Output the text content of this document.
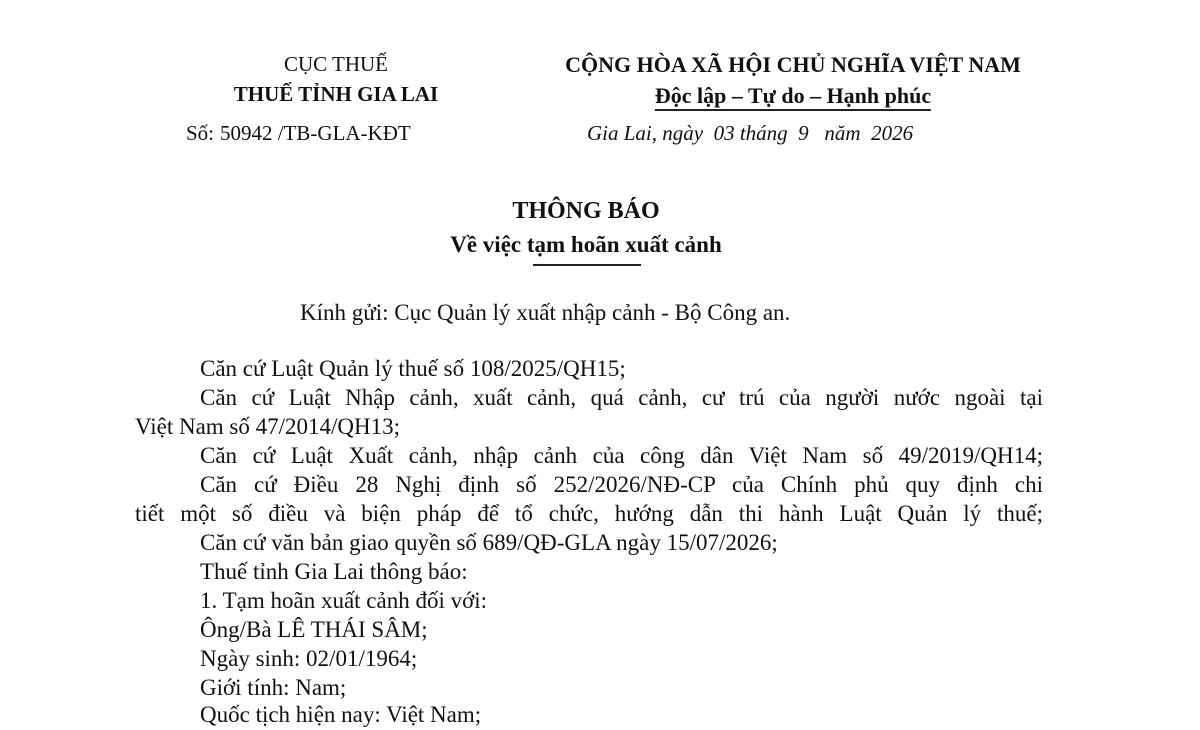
CỤC THUẾ
THUẾ TỈNH GIA LAI
Số: 50942 /TB-GLA-KĐT
CỘNG HÒA XÃ HỘI CHỦ NGHĨA VIỆT NAM
Độc lập – Tự do – Hạnh phúc
Gia Lai, ngày  03 tháng  9   năm  2026
THÔNG BÁO
Về việc tạm hoãn xuất cảnh
Kính gửi: Cục Quản lý xuất nhập cảnh - Bộ Công an.
Căn cứ Luật Quản lý thuế số 108/2025/QH15;
Căn cứ Luật Nhập cảnh, xuất cảnh, quá cảnh, cư trú của người nước ngoài tại
Việt Nam số 47/2014/QH13;
Căn cứ Luật Xuất cảnh, nhập cảnh của công dân Việt Nam số 49/2019/QH14;
Căn cứ Điều 28 Nghị định số 252/2026/NĐ-CP của Chính phủ quy định chi
tiết một số điều và biện pháp để tổ chức, hướng dẫn thi hành Luật Quản lý thuế;
Căn cứ văn bản giao quyền số 689/QĐ-GLA ngày 15/07/2026;
Thuế tỉnh Gia Lai thông báo:
1. Tạm hoãn xuất cảnh đối với:
Ông/Bà LÊ THÁI SÂM;
Ngày sinh: 02/01/1964;
Giới tính: Nam;
Quốc tịch hiện nay: Việt Nam;
